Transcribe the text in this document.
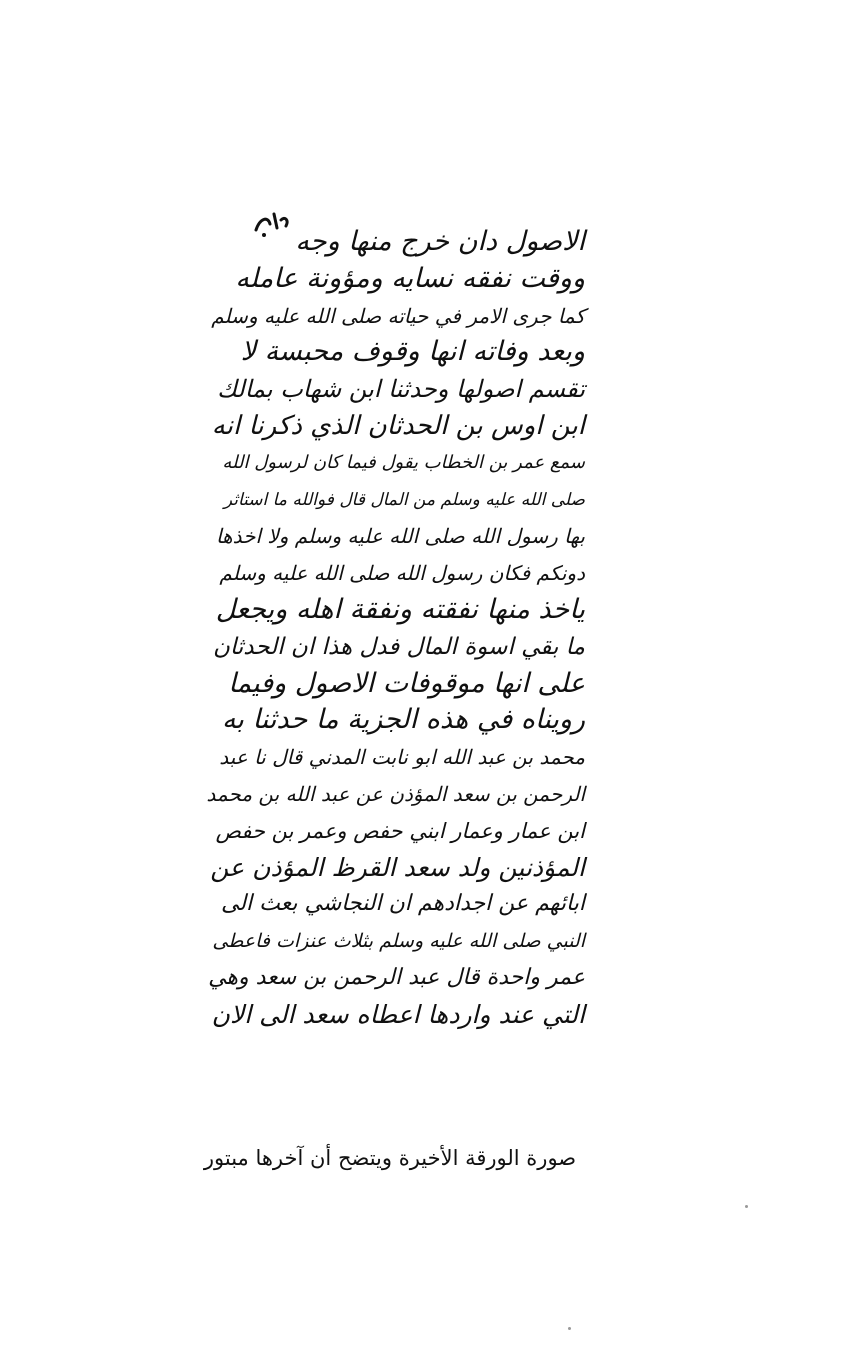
الاصول دان خرج منها وجه
ووقت نفقه نسايه ومؤونة عامله
كما جرى الامر في حياته صلى الله عليه وسلم
وبعد وفاته انها وقوف محبسة لا
تقسم اصولها وحدثنا ابن شهاب بمالك
ابن اوس بن الحدثان الذي ذكرنا انه
سمع عمر بن الخطاب يقول فيما كان لرسول الله
صلى الله عليه وسلم من المال قال فوالله ما استاثر
بها رسول الله صلى الله عليه وسلم ولا اخذها
دونكم فكان رسول الله صلى الله عليه وسلم
ياخذ منها نفقته ونفقة اهله ويجعل
ما بقي اسوة المال فدل هذا ان الحدثان
على انها موقوفات الاصول وفيما
رويناه في هذه الجزية ما حدثنا به
محمد بن عبد الله ابو نابت المدني قال نا عبد
الرحمن بن سعد المؤذن عن عبد الله بن محمد
ابن عمار وعمار ابني حفص وعمر بن حفص
المؤذنين ولد سعد القرظ المؤذن عن
ابائهم عن اجدادهم ان النجاشي بعث الى
النبي صلى الله عليه وسلم بثلاث عنزات فاعطى
عمر واحدة قال عبد الرحمن بن سعد وهي
التي عند واردها اعطاه سعد الى الان
صورة الورقة الأخيرة ويتضح أن آخرها مبتور
